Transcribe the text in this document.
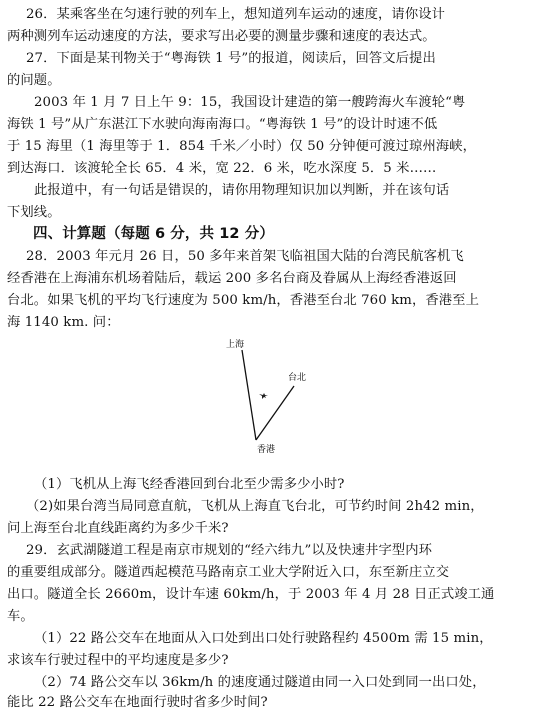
26．某乘客坐在匀速行驶的列车上，想知道列车运动的速度，请你设计
两种测列车运动速度的方法，要求写出必要的测量步骤和速度的表达式。
27．下面是某刊物关于“粤海铁 1 号”的报道，阅读后，回答文后提出
的问题。
2003 年 1 月 7 日上午 9：15，我国设计建造的第一艘跨海火车渡轮“粤
海铁 1 号”从广东湛江下水驶向海南海口。“粤海铁 1 号”的设计时速不低
于 15 海里（1 海里等于 1．854 千米／小时）仅 50 分钟便可渡过琼州海峡，
到达海口．该渡轮全长 65．4 米，宽 22．6 米，吃水深度 5．5 米……
此报道中，有一句话是错误的，请你用物理知识加以判断，并在该句话
下划线。
四、计算题（每题 6 分，共 12 分）
28．2003 年元月 26 日，50 多年来首架飞临祖国大陆的台湾民航客机飞
经香港在上海浦东机场着陆后，载运 200 多名台商及眷属从上海经香港返回
台北。如果飞机的平均飞行速度为 500 km/h，香港至台北 760 km，香港至上
海 1140 km. 问：
上海
台北
香港
（1）飞机从上海飞经香港回到台北至少需多少小时?
（2)如果台湾当局同意直航，飞机从上海直飞台北，可节约时间 2h42 min，
问上海至台北直线距离约为多少千米?
29．玄武湖隧道工程是南京市规划的“经六纬九”以及快速井字型内环
的重要组成部分。隧道西起模范马路南京工业大学附近入口，东至新庄立交
出口。隧道全长 2660m，设计车速 60km/h，于 2003 年 4 月 28 日正式竣工通
车。
（1）22 路公交车在地面从入口处到出口处行驶路程约 4500m 需 15 min，
求该车行驶过程中的平均速度是多少?
（2）74 路公交车以 36km/h 的速度通过隧道由同一入口处到同一出口处，
能比 22 路公交车在地面行驶时省多少时间?
